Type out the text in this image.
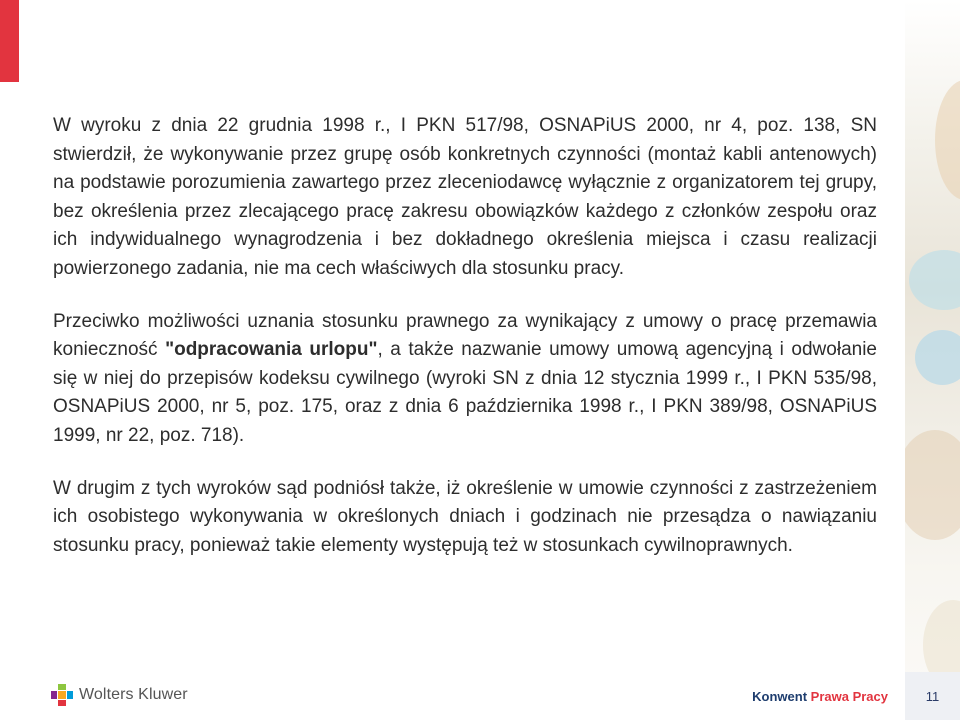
W wyroku z dnia 22 grudnia 1998 r., I PKN 517/98, OSNAPiUS 2000, nr 4, poz. 138, SN stwierdził, że wykonywanie przez grupę osób konkretnych czynności (montaż kabli antenowych) na podstawie porozumienia zawartego przez zleceniodawcę wyłącznie z organizatorem tej grupy, bez określenia przez zlecającego pracę zakresu obowiązków każdego z członków zespołu oraz ich indywidualnego wynagrodzenia i bez dokładnego określenia miejsca i czasu realizacji powierzonego zadania, nie ma cech właściwych dla stosunku pracy.

Przeciwko możliwości uznania stosunku prawnego za wynikający z umowy o pracę przemawia konieczność "odpracowania urlopu", a także nazwanie umowy umową agencyjną i odwołanie się w niej do przepisów kodeksu cywilnego (wyroki SN z dnia 12 stycznia 1999 r., I PKN 535/98, OSNAPiUS 2000, nr 5, poz. 175, oraz z dnia 6 października 1998 r., I PKN 389/98, OSNAPiUS 1999, nr 22, poz. 718).

W drugim z tych wyroków sąd podniósł także, iż określenie w umowie czynności z zastrzeżeniem ich osobistego wykonywania w określonych dniach i godzinach nie przesądza o nawiązaniu stosunku pracy, ponieważ takie elementy występują też w stosunkach cywilnoprawnych.

Wolters Kluwer	Konwent Prawa Pracy	11
